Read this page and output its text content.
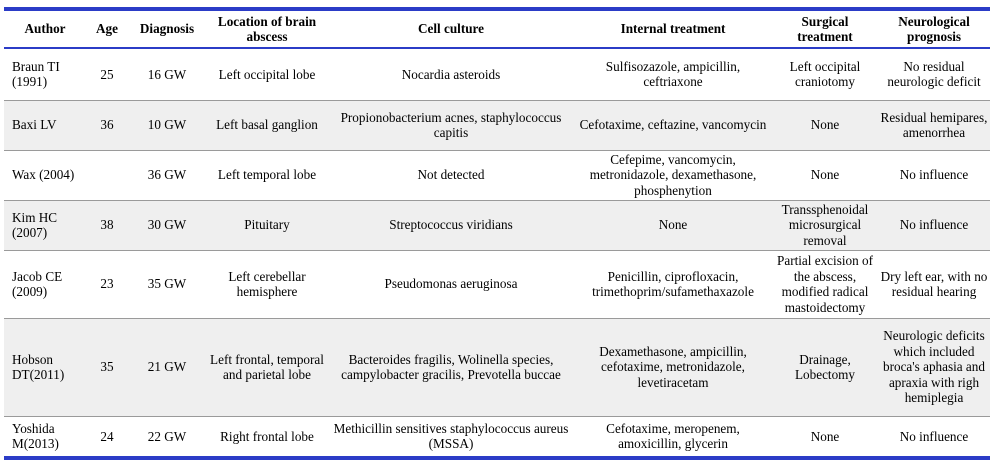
Author	Age	Diagnosis	Location of brain abscess	Cell culture	Internal treatment	Surgical treatment	Neurological prognosis
Braun TI (1991)	25	16 GW	Left occipital lobe	Nocardia asteroids	Sulfisozazole, ampicillin, ceftriaxone	Left occipital craniotomy	No residual neurologic deficit
Baxi LV	36	10 GW	Left basal ganglion	Propionobacterium acnes, staphylococcus capitis	Cefotaxime, ceftazine, vancomycin	None	Residual hemipares, amenorrhea
Wax (2004)		36 GW	Left temporal lobe	Not detected	Cefepime, vancomycin, metronidazole, dexamethasone, phosphenytion	None	No influence
Kim HC (2007)	38	30 GW	Pituitary	Streptococcus viridians	None	Transsphenoidal microsurgical removal	No influence
Jacob CE (2009)	23	35 GW	Left cerebellar hemisphere	Pseudomonas aeruginosa	Penicillin, ciprofloxacin, trimethoprim/sufamethaxazole	Partial excision of the abscess, modified radical mastoidectomy	Dry left ear, with no residual hearing
Hobson DT(2011)	35	21 GW	Left frontal, temporal and parietal lobe	Bacteroides fragilis, Wolinella species, campylobacter gracilis, Prevotella buccae	Dexamethasone, ampicillin, cefotaxime, metronidazole, levetiracetam	Drainage, Lobectomy	Neurologic deficits which included broca's aphasia and apraxia with righ hemiplegia
Yoshida M(2013)	24	22 GW	Right frontal lobe	Methicillin sensitives staphylococcus aureus (MSSA)	Cefotaxime, meropenem, amoxicillin, glycerin	None	No influence
